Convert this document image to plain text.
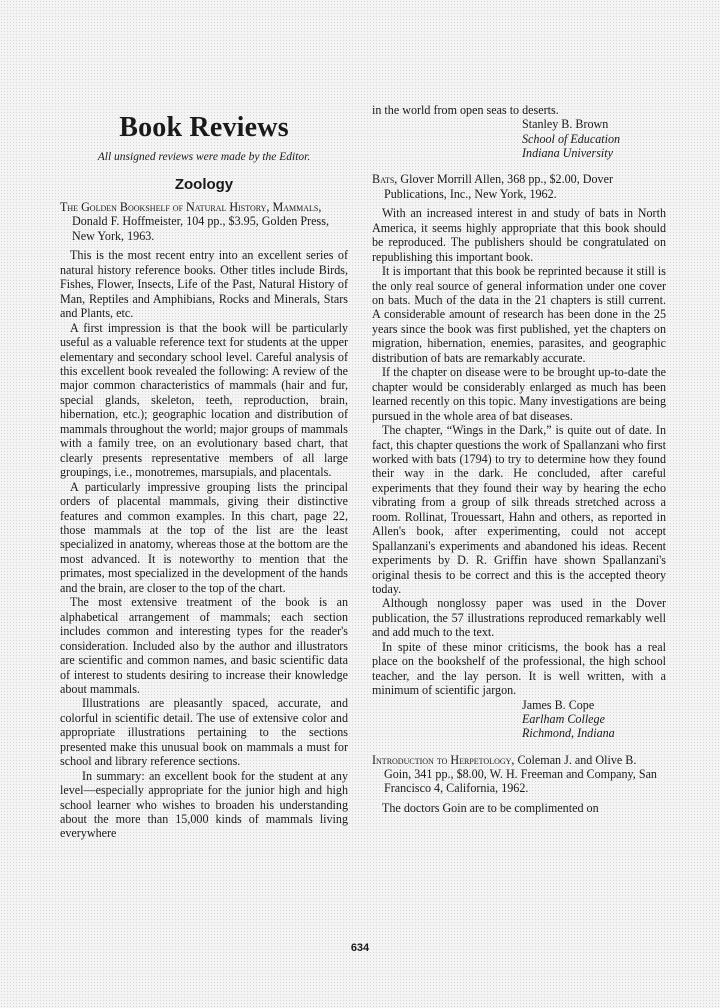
Book Reviews
All unsigned reviews were made by the Editor.
Zoology

The Golden Bookshelf of Natural History, Mammals, Donald F. Hoffmeister, 104 pp., $3.95, Golden Press, New York, 1963.

This is the most recent entry into an excellent series of natural history reference books. Other titles include Birds, Fishes, Flower, Insects, Life of the Past, Natural History of Man, Reptiles and Amphibians, Rocks and Minerals, Stars and Plants, etc.

A first impression is that the book will be particularly useful as a valuable reference text for students at the upper elementary and secondary school level. Careful analysis of this excellent book revealed the following: A review of the major common characteristics of mammals (hair and fur, special glands, skeleton, teeth, reproduction, brain, hibernation, etc.); geographic location and distribution of mammals throughout the world; major groups of mammals with a family tree, on an evolutionary based chart, that clearly presents representative members of all large groupings, i.e., monotremes, marsupials, and placentals.

A particularly impressive grouping lists the principal orders of placental mammals, giving their distinctive features and common examples. In this chart, page 22, those mammals at the top of the list are the least specialized in anatomy, whereas those at the bottom are the most advanced. It is noteworthy to mention that the primates, most specialized in the development of the hands and the brain, are closer to the top of the chart.

The most extensive treatment of the book is an alphabetical arrangement of mammals; each section includes common and interesting types for the reader's consideration. Included also by the author and illustrators are scientific and common names, and basic scientific data of interest to students desiring to increase their knowledge about mammals.

Illustrations are pleasantly spaced, accurate, and colorful in scientific detail. The use of extensive color and appropriate illustrations pertaining to the sections presented make this unusual book on mammals a must for school and library reference sections.

In summary: an excellent book for the student at any level—especially appropriate for the junior high and high school learner who wishes to broaden his understanding about the more than 15,000 kinds of mammals living everywhere

in the world from open seas to deserts.

Stanley B. Brown
School of Education
Indiana University

Bats, Glover Morrill Allen, 368 pp., $2.00, Dover Publications, Inc., New York, 1962.

With an increased interest in and study of bats in North America, it seems highly appropriate that this book should be reproduced. The publishers should be congratulated on republishing this important book.

It is important that this book be reprinted because it still is the only real source of general information under one cover on bats. Much of the data in the 21 chapters is still current. A considerable amount of research has been done in the 25 years since the book was first published, yet the chapters on migration, hibernation, enemies, parasites, and geographic distribution of bats are remarkably accurate.

If the chapter on disease were to be brought up-to-date the chapter would be considerably enlarged as much has been learned recently on this topic. Many investigations are being pursued in the whole area of bat diseases.

The chapter, “Wings in the Dark,” is quite out of date. In fact, this chapter questions the work of Spallanzani who first worked with bats (1794) to try to determine how they found their way in the dark. He concluded, after careful experiments that they found their way by hearing the echo vibrating from a group of silk threads stretched across a room. Rollinat, Trouessart, Hahn and others, as reported in Allen's book, after experimenting, could not accept Spallanzani's experiments and abandoned his ideas. Recent experiments by D. R. Griffin have shown Spallanzani's original thesis to be correct and this is the accepted theory today.

Although nonglossy paper was used in the Dover publication, the 57 illustrations reproduced remarkably well and add much to the text.

In spite of these minor criticisms, the book has a real place on the bookshelf of the professional, the high school teacher, and the lay person. It is well written, with a minimum of scientific jargon.

James B. Cope
Earlham College
Richmond, Indiana

Introduction to Herpetology, Coleman J. and Olive B. Goin, 341 pp., $8.00, W. H. Freeman and Company, San Francisco 4, California, 1962.

The doctors Goin are to be complimented on

634
